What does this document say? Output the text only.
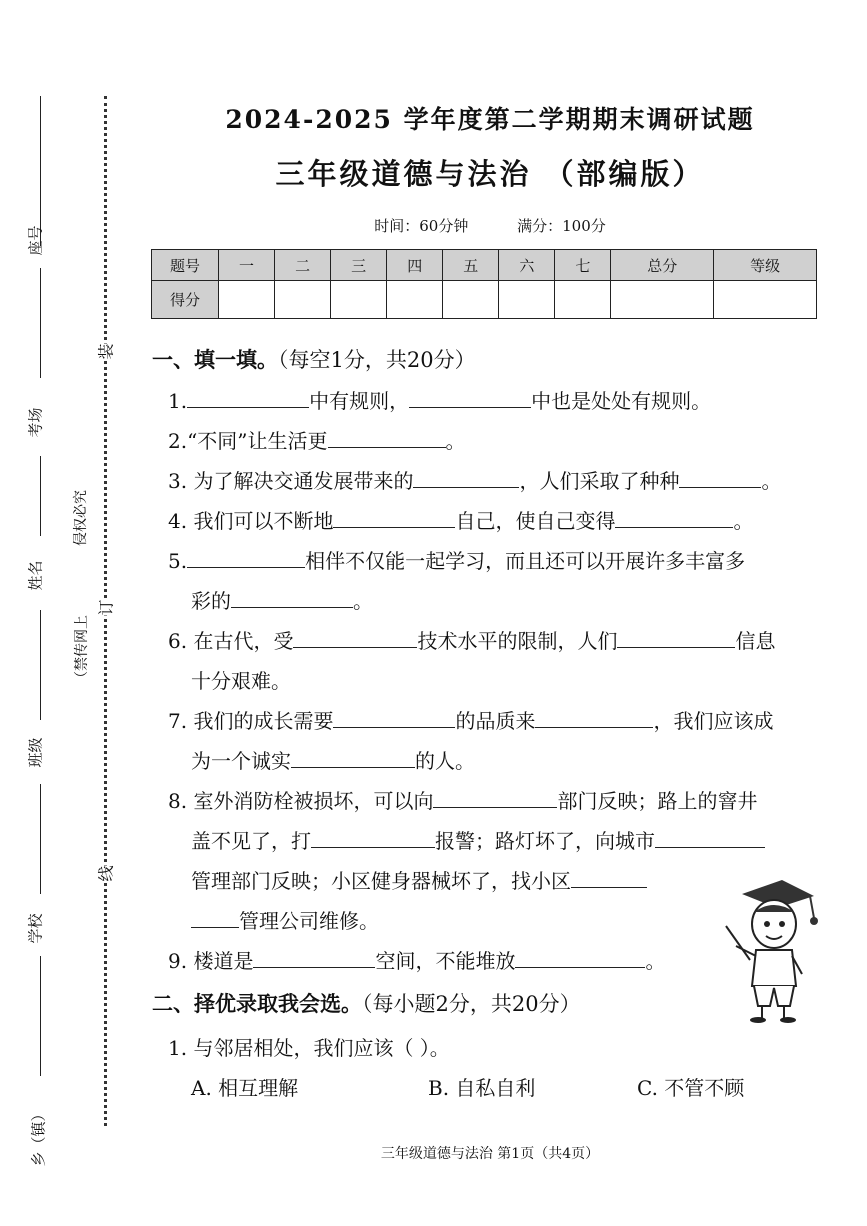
座号
考场
姓名
班级
学校
乡（镇）
侵权必究
（禁传网上
装
订
线
2024-2025 学年度第二学期期末调研试题
三年级道德与法治 （部编版）
时间：60分钟	满分：100分
题号	一	二	三	四	五	六	七	总分	等级
得分									
一、填一填。（每空1分，共20分）
1.	中有规则，	中也是处处有规则。
2.“不同”让生活更	。
3. 为了解决交通发展带来的	，人们采取了种种	。
4. 我们可以不断地	自己，使自己变得	。
5.	相伴不仅能一起学习，而且还可以开展许多丰富多
彩的	。
6. 在古代，受	技术水平的限制，人们	信息
十分艰难。
7. 我们的成长需要	的品质来	，我们应该成
为一个诚实	的人。
8. 室外消防栓被损坏，可以向	部门反映；路上的窨井
盖不见了，打	报警；路灯坏了，向城市
管理部门反映；小区健身器械坏了，找小区
管理公司维修。
9. 楼道是	空间，不能堆放	。
二、择优录取我会选。（每小题2分，共20分）
1. 与邻居相处，我们应该（ ）。
A. 相互理解	B. 自私自利	C. 不管不顾
三年级道德与法治 第1页（共4页）
